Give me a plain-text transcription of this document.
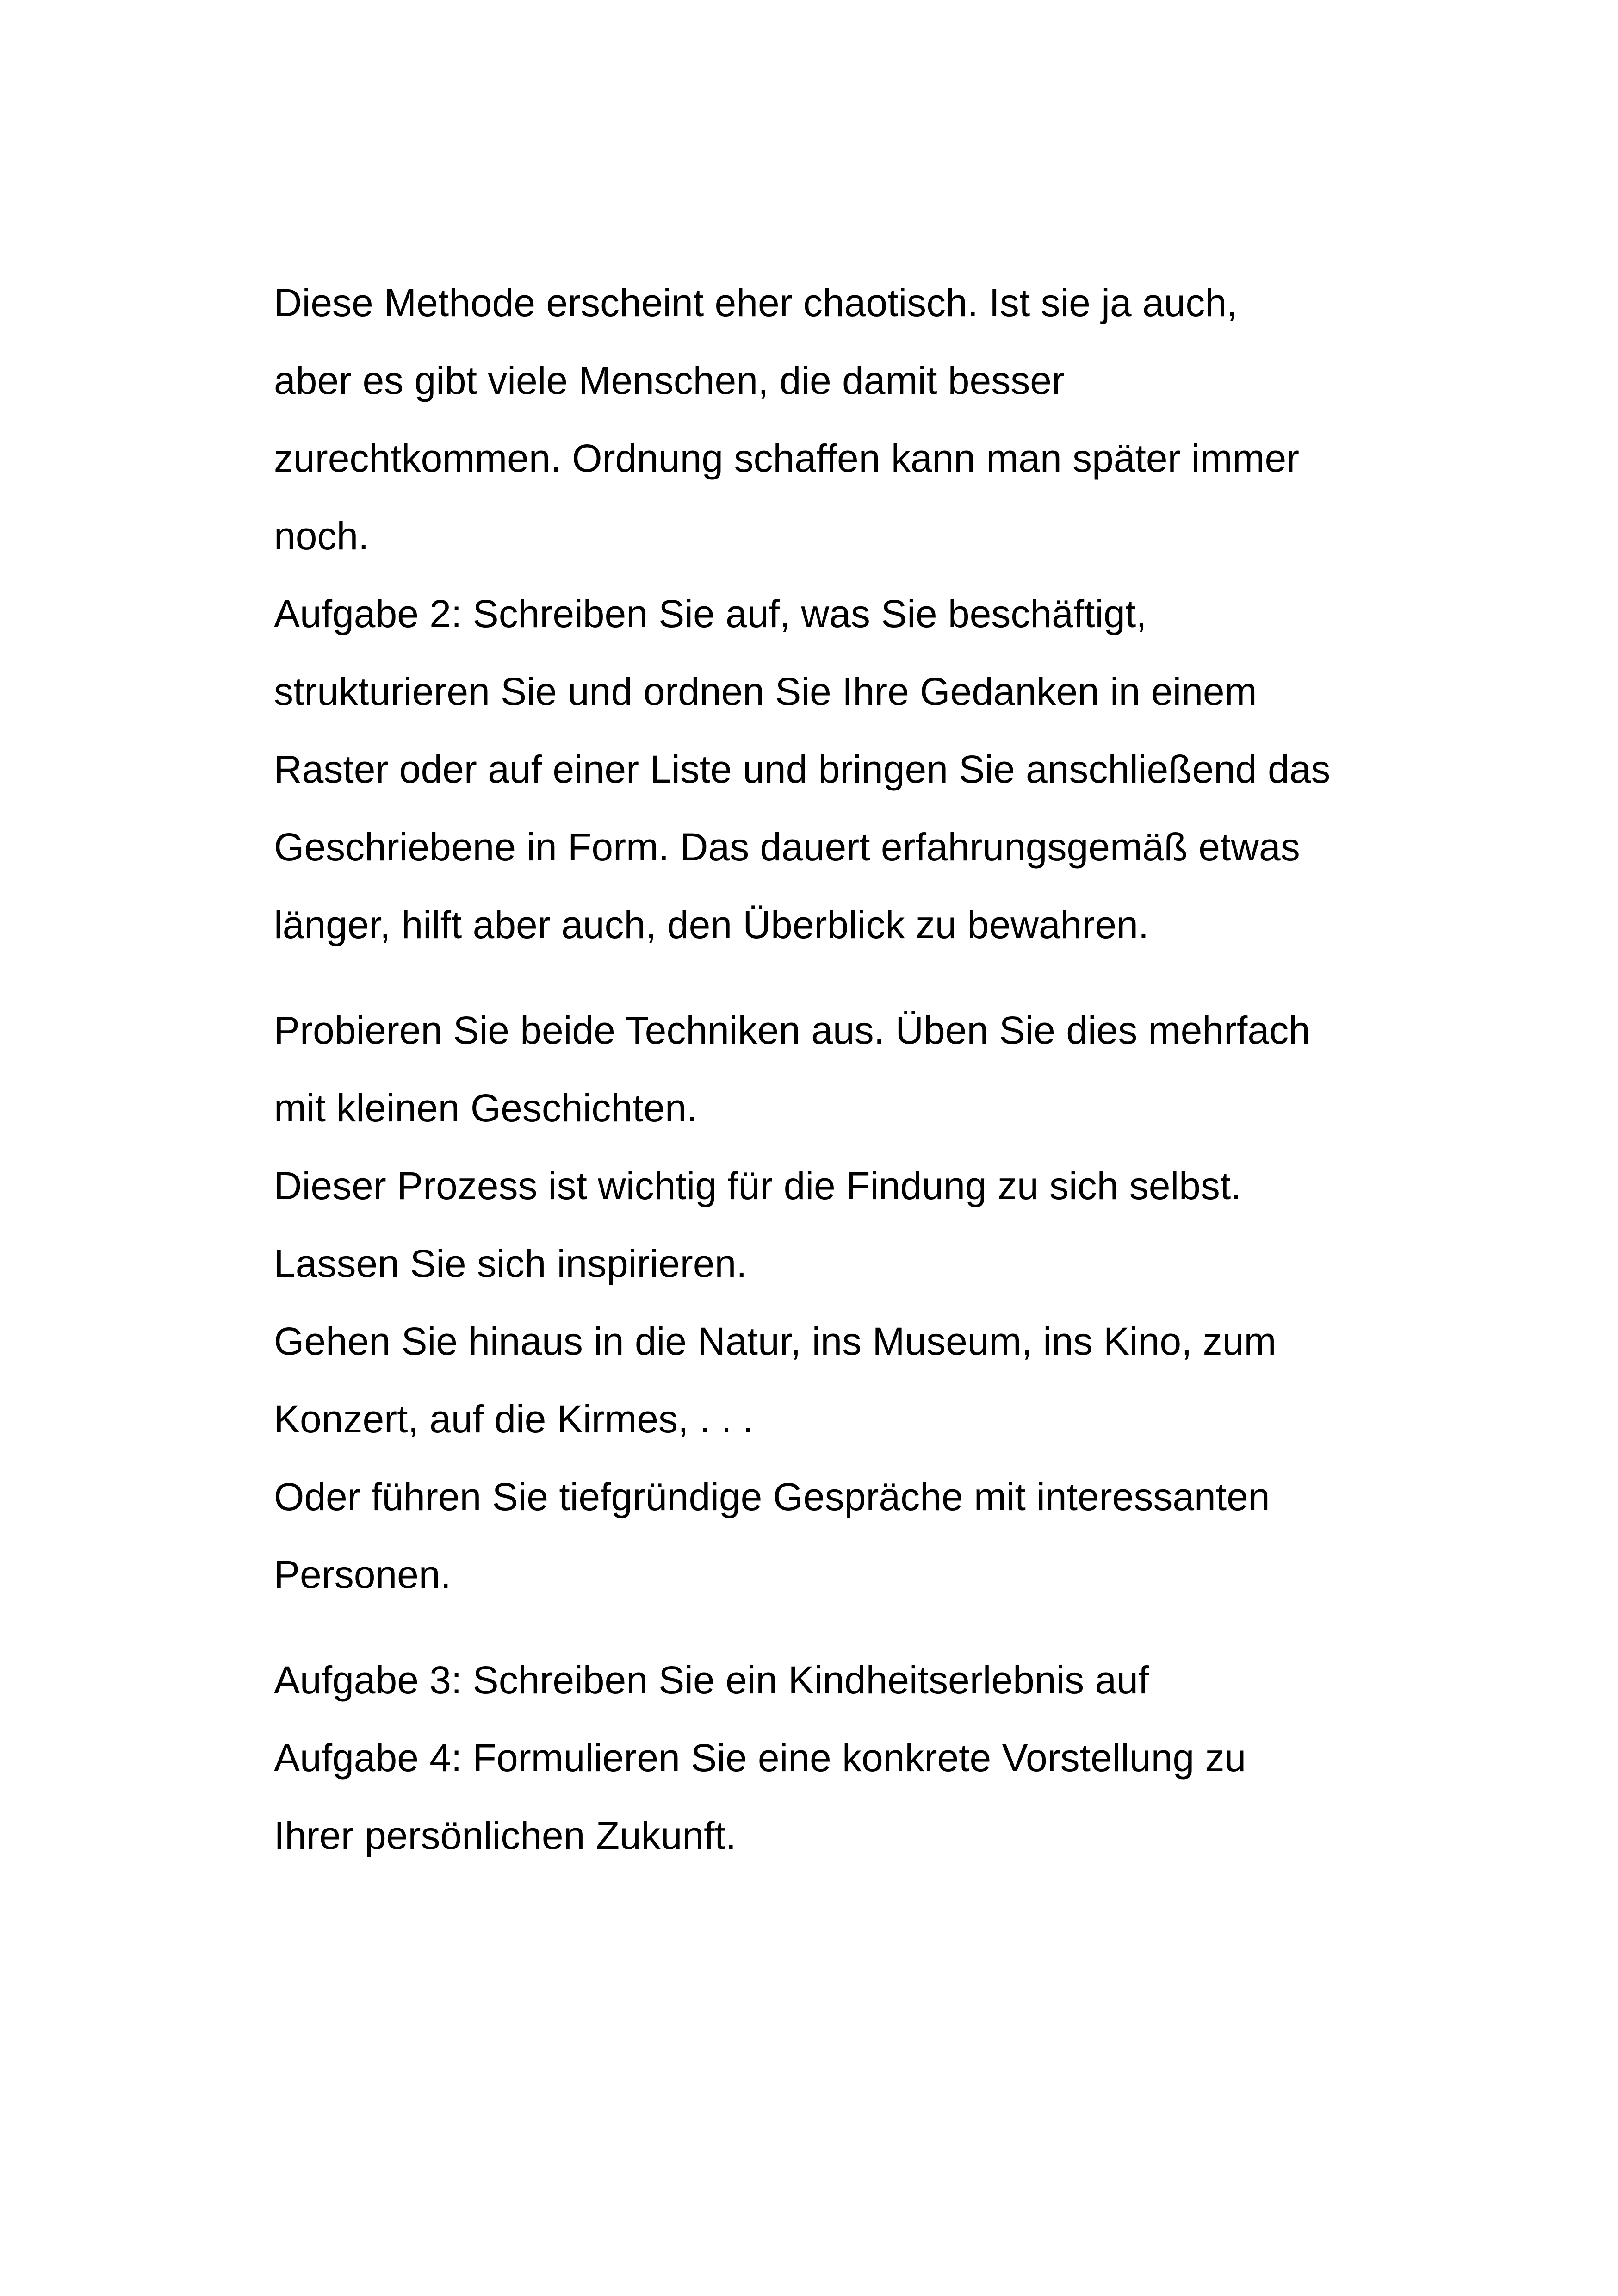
Diese Methode erscheint eher chaotisch. Ist sie ja auch,
aber es gibt viele Menschen, die damit besser
zurechtkommen. Ordnung schaffen kann man später immer
noch.
Aufgabe 2: Schreiben Sie auf, was Sie beschäftigt,
strukturieren Sie und ordnen Sie Ihre Gedanken in einem
Raster oder auf einer Liste und bringen Sie anschließend das
Geschriebene in Form. Das dauert erfahrungsgemäß etwas
länger, hilft aber auch, den Überblick zu bewahren.
Probieren Sie beide Techniken aus. Üben Sie dies mehrfach
mit kleinen Geschichten.
Dieser Prozess ist wichtig für die Findung zu sich selbst.
Lassen Sie sich inspirieren.
Gehen Sie hinaus in die Natur, ins Museum, ins Kino, zum
Konzert, auf die Kirmes, . . .
Oder führen Sie tiefgründige Gespräche mit interessanten
Personen.
Aufgabe 3: Schreiben Sie ein Kindheitserlebnis auf
Aufgabe 4: Formulieren Sie eine konkrete Vorstellung zu
Ihrer persönlichen Zukunft.
